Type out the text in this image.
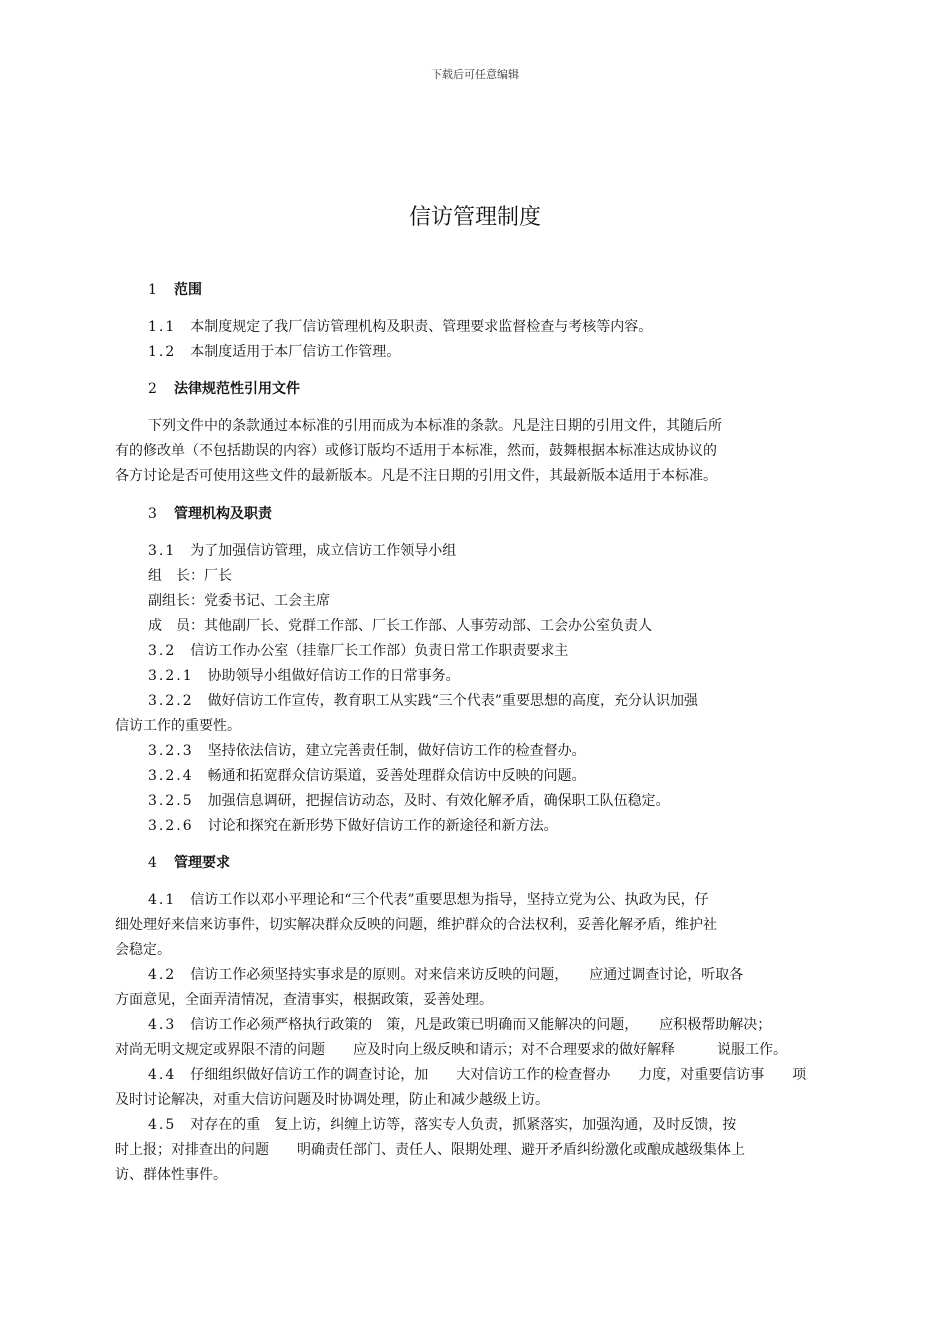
下载后可任意编辑
信访管理制度
1 范围
1.1 本制度规定了我厂信访管理机构及职责、管理要求监督检查与考核等内容。
1.2 本制度适用于本厂信访工作管理。
2 法律规范性引用文件
下列文件中的条款通过本标准的引用而成为本标准的条款。凡是注日期的引用文件，其随后所
有的修改单（不包括勘误的内容）或修订版均不适用于本标准，然而，鼓舞根据本标准达成协议的
各方讨论是否可使用这些文件的最新版本。凡是不注日期的引用文件，其最新版本适用于本标准。
3 管理机构及职责
3.1 为了加强信访管理，成立信访工作领导小组
组　长：厂长
副组长：党委书记、工会主席
成　员：其他副厂长、党群工作部、厂长工作部、人事劳动部、工会办公室负责人
3.2 信访工作办公室（挂靠厂长工作部）负责日常工作职责要求主
3.2.1 协助领导小组做好信访工作的日常事务。
3.2.2 做好信访工作宣传，教育职工从实践“三个代表”重要思想的高度，充分认识加强
信访工作的重要性。
3.2.3 坚持依法信访，建立完善责任制，做好信访工作的检查督办。
3.2.4 畅通和拓宽群众信访渠道，妥善处理群众信访中反映的问题。
3.2.5 加强信息调研，把握信访动态，及时、有效化解矛盾，确保职工队伍稳定。
3.2.6 讨论和探究在新形势下做好信访工作的新途径和新方法。
4 管理要求
4.1 信访工作以邓小平理论和“三个代表”重要思想为指导，坚持立党为公、执政为民，仔
细处理好来信来访事件，切实解决群众反映的问题，维护群众的合法权利，妥善化解矛盾，维护社
会稳定。
4.2 信访工作必须坚持实事求是的原则。对来信来访反映的问题，　　应通过调查讨论，听取各
方面意见，全面弄清情况，查清事实，根据政策，妥善处理。
4.3 信访工作必须严格执行政策的　策，凡是政策已明确而又能解决的问题，　　应积极帮助解决；
对尚无明文规定或界限不清的问题　　应及时向上级反映和请示；对不合理要求的做好解释　　　说服工作。
4.4 仔细组织做好信访工作的调查讨论，加　　大对信访工作的检查督办　　力度，对重要信访事　　项
及时讨论解决，对重大信访问题及时协调处理，防止和减少越级上访。
4.5 对存在的重　复上访，纠缠上访等，落实专人负责，抓紧落实，加强沟通，及时反馈，按
时上报；对排查出的问题　　明确责任部门、责任人、限期处理、避开矛盾纠纷激化或酿成越级集体上
访、群体性事件。
